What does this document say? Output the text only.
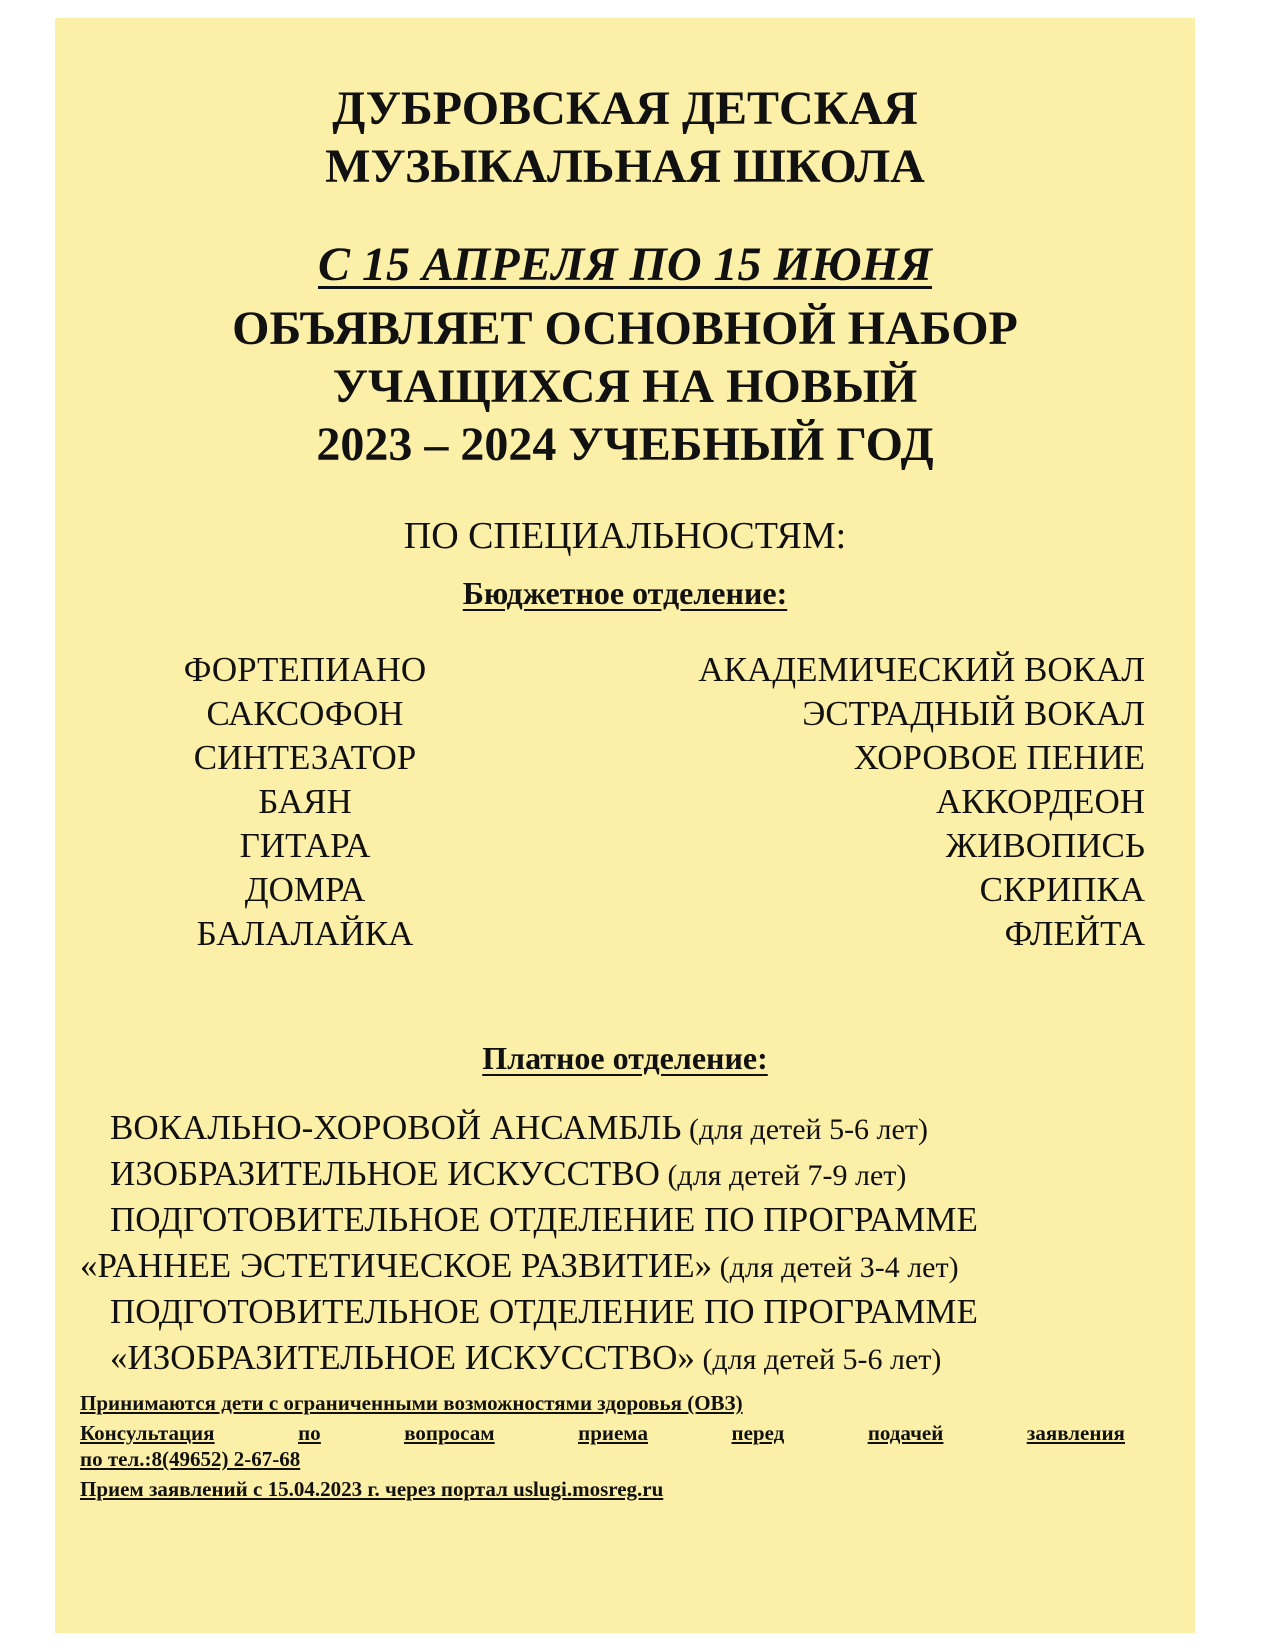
ДУБРОВСКАЯ ДЕТСКАЯ
МУЗЫКАЛЬНАЯ ШКОЛА
С 15 АПРЕЛЯ ПО 15 ИЮНЯ
ОБЪЯВЛЯЕТ ОСНОВНОЙ НАБОР
УЧАЩИХСЯ НА НОВЫЙ
2023 – 2024 УЧЕБНЫЙ ГОД
ПО СПЕЦИАЛЬНОСТЯМ:
Бюджетное отделение:
ФОРТЕПИАНО
САКСОФОН
СИНТЕЗАТОР
БАЯН
ГИТАРА
ДОМРА
БАЛАЛАЙКА
АКАДЕМИЧЕСКИЙ ВОКАЛ
ЭСТРАДНЫЙ ВОКАЛ
ХОРОВОЕ ПЕНИЕ
АККОРДЕОН
ЖИВОПИСЬ
СКРИПКА
ФЛЕЙТА
Платное отделение:
ВОКАЛЬНО-ХОРОВОЙ АНСАМБЛЬ (для детей 5-6 лет)
ИЗОБРАЗИТЕЛЬНОЕ ИСКУССТВО (для детей 7-9 лет)
ПОДГОТОВИТЕЛЬНОЕ ОТДЕЛЕНИЕ ПО ПРОГРАММЕ
«РАННЕЕ ЭСТЕТИЧЕСКОЕ РАЗВИТИЕ» (для детей 3-4 лет)
ПОДГОТОВИТЕЛЬНОЕ ОТДЕЛЕНИЕ ПО ПРОГРАММЕ
«ИЗОБРАЗИТЕЛЬНОЕ ИСКУССТВО» (для детей 5-6 лет)
Принимаются дети с ограниченными возможностями здоровья (ОВЗ)
Консультация	по	вопросам	приема	перед	подачей	заявления
по тел.:8(49652) 2-67-68
Прием заявлений с 15.04.2023 г. через портал uslugi.mosreg.ru
